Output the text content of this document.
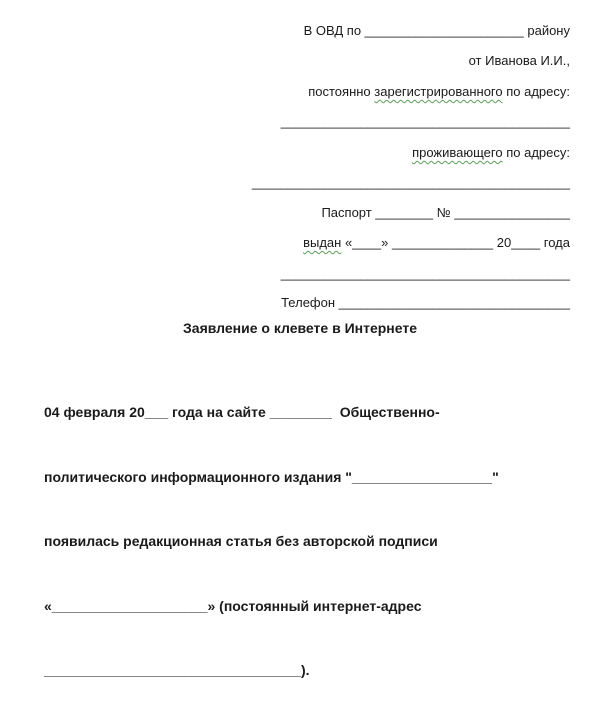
В ОВД по ______________________ району
от Иванова И.И.,
постоянно зарегистрированного по адресу:
________________________________________
проживающего по адресу:
____________________________________________
Паспорт ________ № ________________
выдан «____» ______________ 20____ года
________________________________________
Телефон ________________________________
Заявление о клевете в Интернете

04 февраля 20___ года на сайте ________  Общественно-

политического информационного издания "__________________"

появилась редакционная статья без авторской подписи

«____________________» (постоянный интернет-адрес

_________________________________).
